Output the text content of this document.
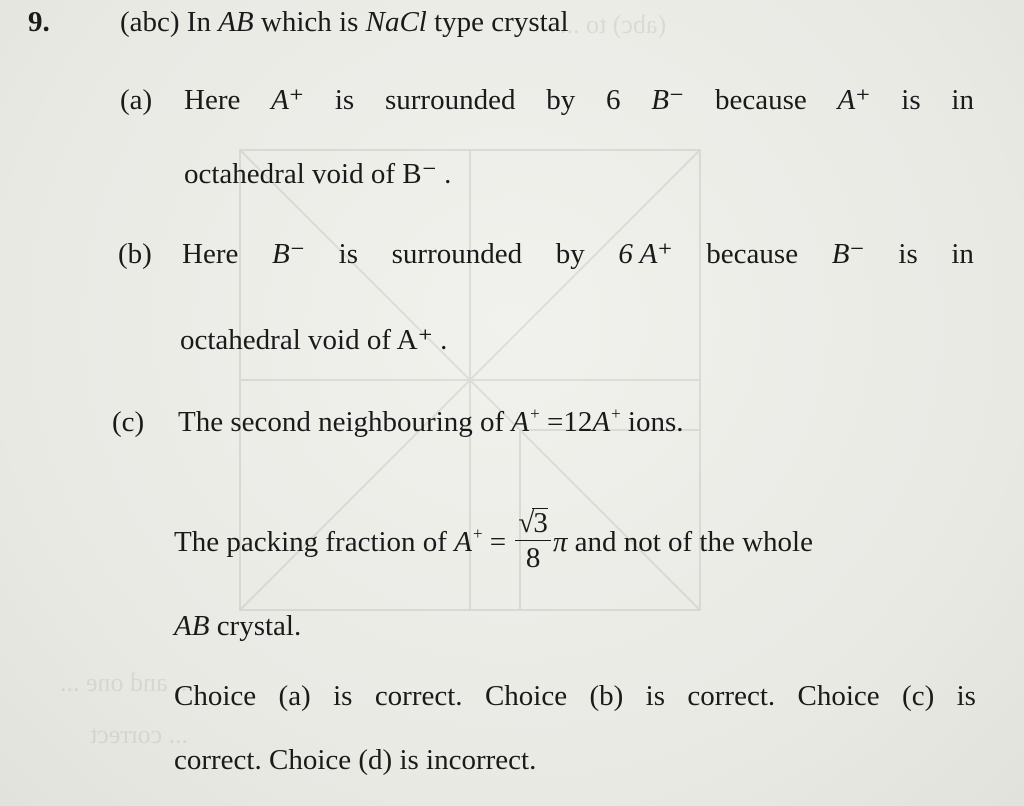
(abc) to ...
... and one ...
... correct
9. (abc) In AB which is NaCl type crystal
(a) Here A⁺ is surrounded by 6 B⁻ because A⁺ is in
octahedral void of B⁻ .
(b) Here B⁻ is surrounded by 6 A⁺ because B⁻ is in
octahedral void of A⁺ .
(c) The second neighbouring of A+ =12A+ ions.
The packing fraction of $A^+ = \frac{√3}{8}$ π and not of the whole
AB crystal.
Choice (a) is correct. Choice (b) is correct. Choice (c) is
correct. Choice (d) is incorrect.
